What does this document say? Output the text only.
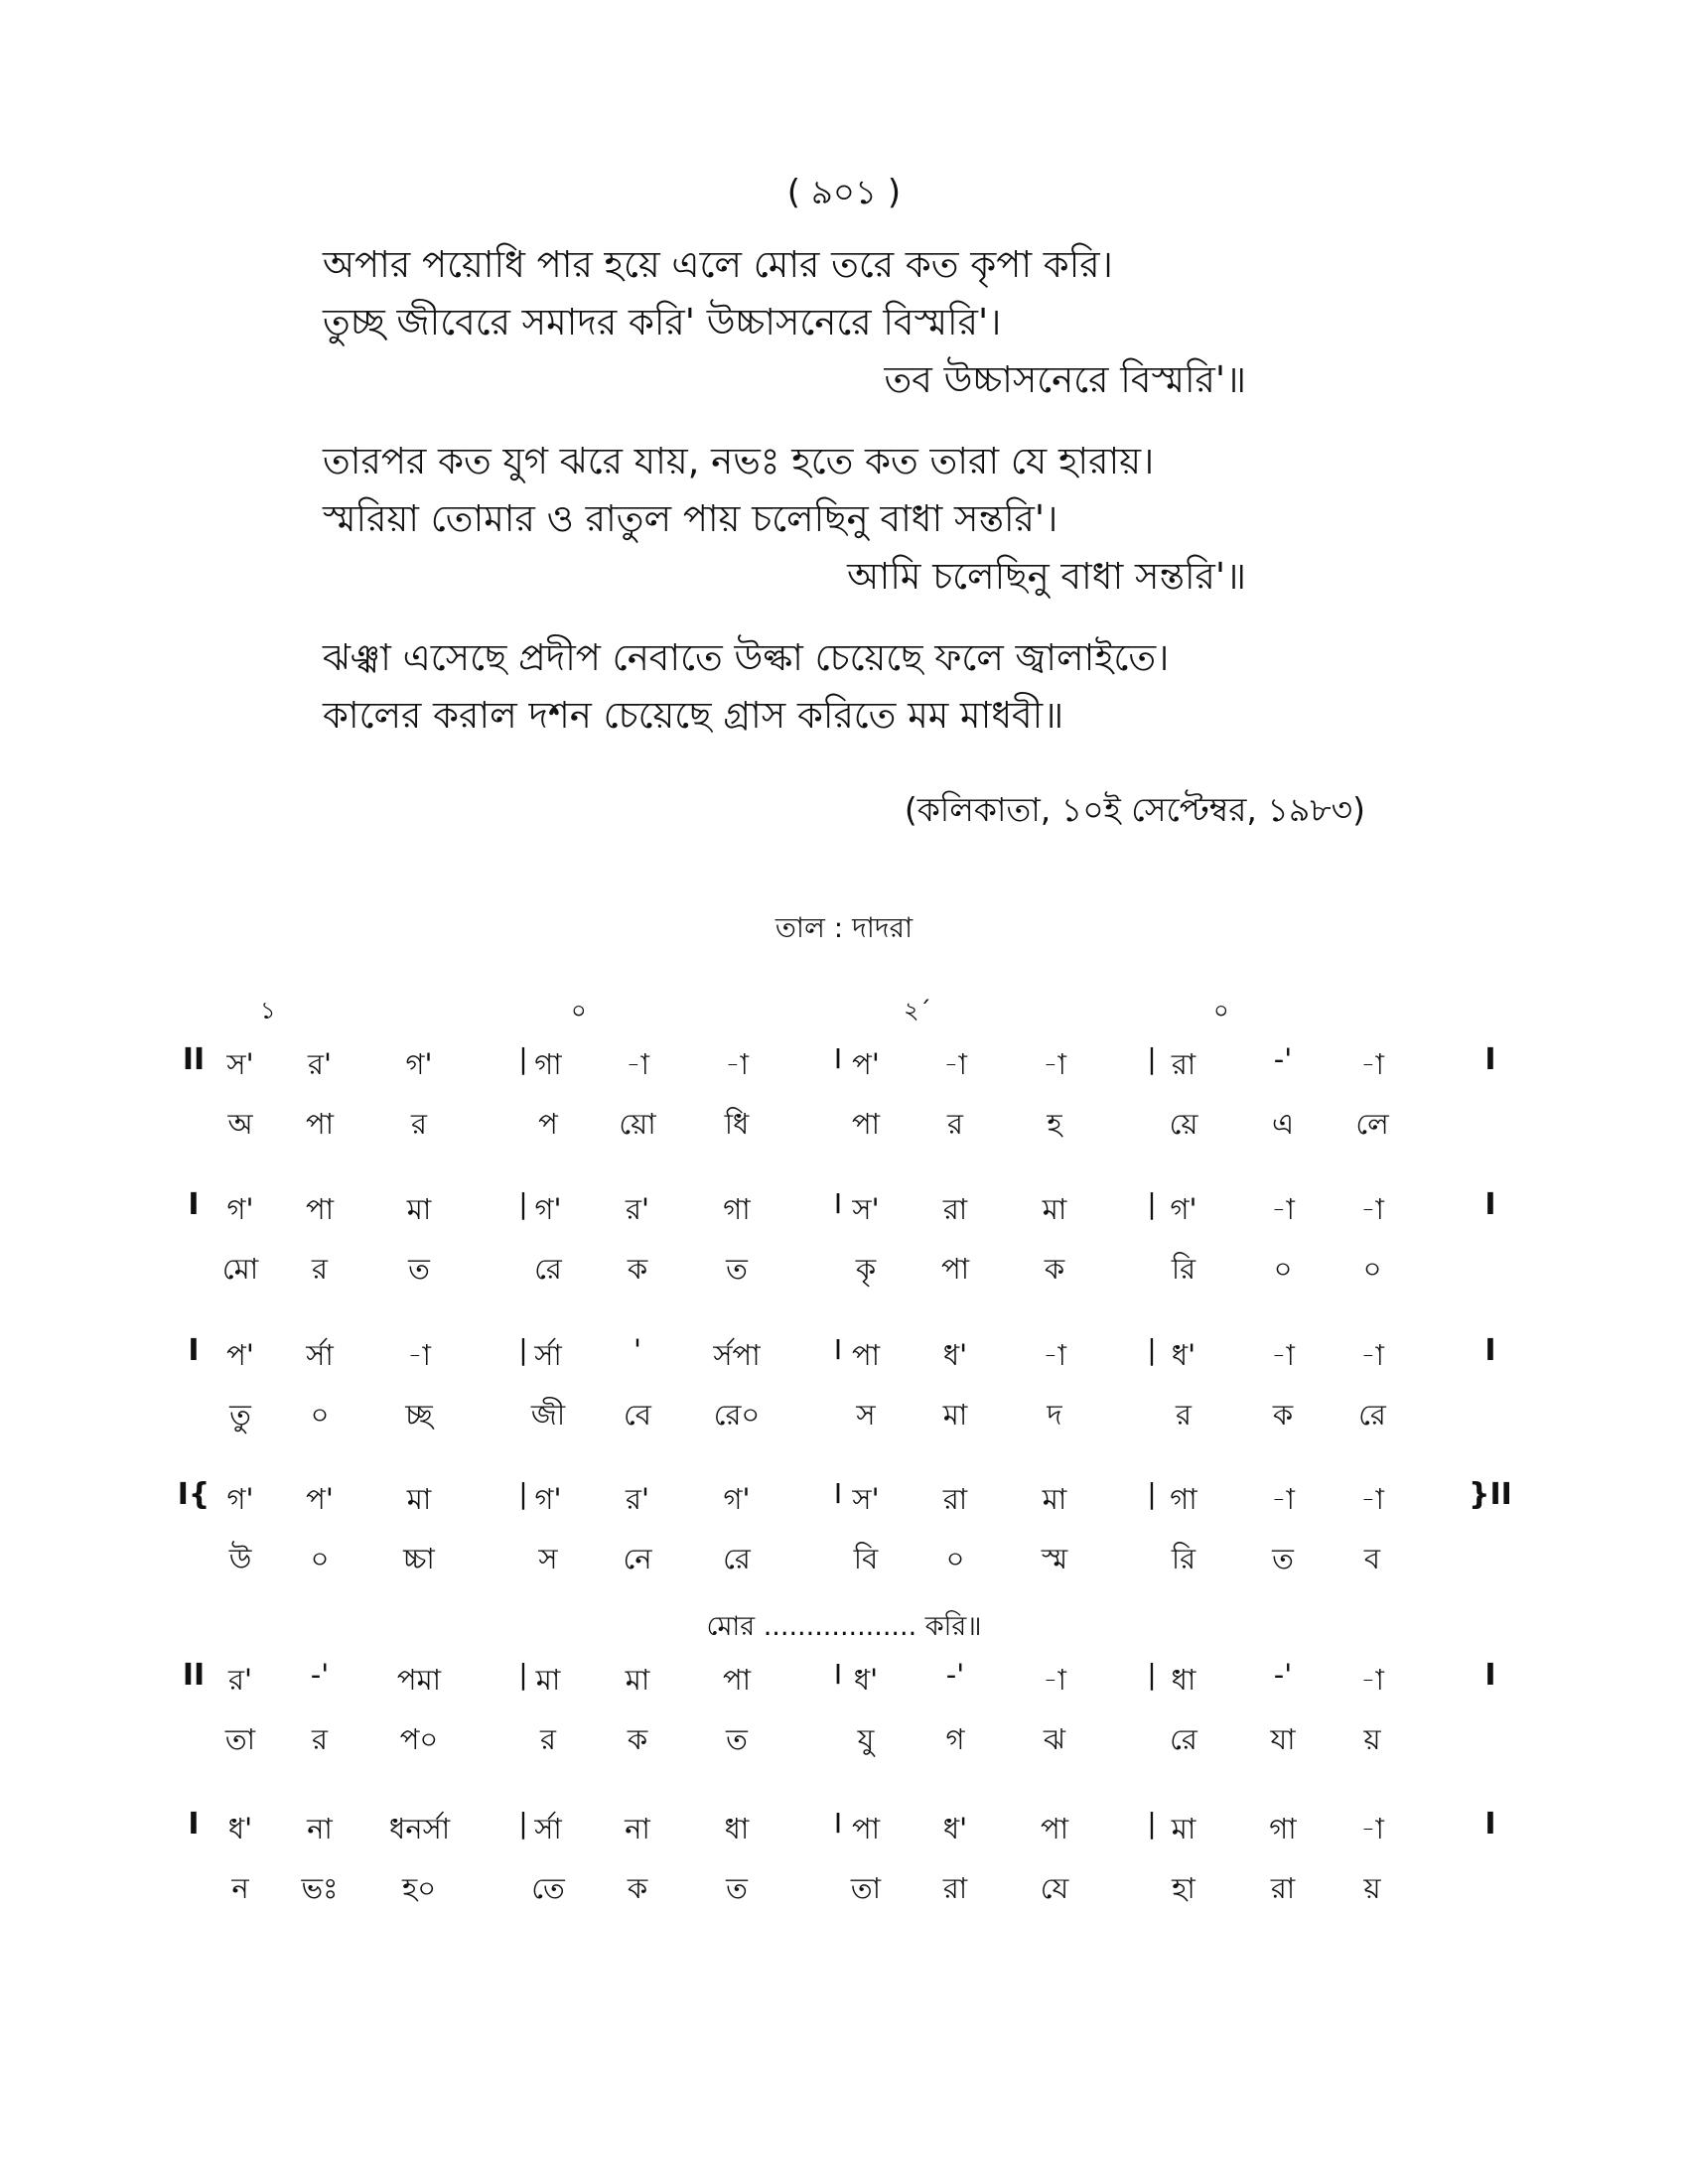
( ৯০১ )
অপার পয়োধি পার হয়ে এলে মোর তরে কত কৃপা করি।
তুচ্ছ জীবেরে সমাদর করি' উচ্চাসনেরে বিস্মরি'।
তব উচ্চাসনেরে বিস্মরি'॥
তারপর কত যুগ ঝরে যায়, নভঃ হতে কত তারা যে হারায়।
স্মরিয়া তোমার ও রাতুল পায় চলেছিনু বাধা সন্তরি'।
আমি চলেছিনু বাধা সন্তরি'॥
ঝঞ্ঝা এসেছে প্রদীপ নেবাতে উল্কা চেয়েছে ফলে জ্বালাইতে।
কালের করাল দশন চেয়েছে গ্রাস করিতে মম মাধবী॥
(কলিকাতা, ১০ই সেপ্টেম্বর, ১৯৮৩)
তাল : দাদরা
১	০	২´	০
II	I
|	I	|
স'	র'	গ'	গা	-া	-া	প'	-া	-া	রা	-'	-া
অ	পা	র	প	য়ো	ধি	পা	র	হ	য়ে	এ	লে
I	I
|	I	|
গ'	পা	মা	গ'	র'	গা	স'	রা	মা	গ'	-া	-া
মো	র	ত	রে	ক	ত	কৃ	পা	ক	রি	০	০
I	I
|	I	|
প'	র্সা	-া	র্সা	'	র্সপা	পা	ধ'	-া	ধ'	-া	-া
তু	০	চ্ছ	জী	বে	রে০	স	মা	দ	র	ক	রে
I{	}II
|	I	|
গ'	প'	মা	গ'	র'	গ'	স'	রা	মা	গা	-া	-া
উ	০	চ্চা	স	নে	রে	বি	০	স্ম	রি	ত	ব
II	I
|	I	|
র'	-'	পমা	মা	মা	পা	ধ'	-'	-া	ধা	-'	-া
তা	র	প০	র	ক	ত	যু	গ	ঝ	রে	যা	য়
I	I
|	I	|
ধ'	না	ধনর্সা	র্সা	না	ধা	পা	ধ'	পা	মা	গা	-া
ন	ভঃ	হ০	তে	ক	ত	তা	রা	যে	হা	রা	য়
মোর .................. করি॥
